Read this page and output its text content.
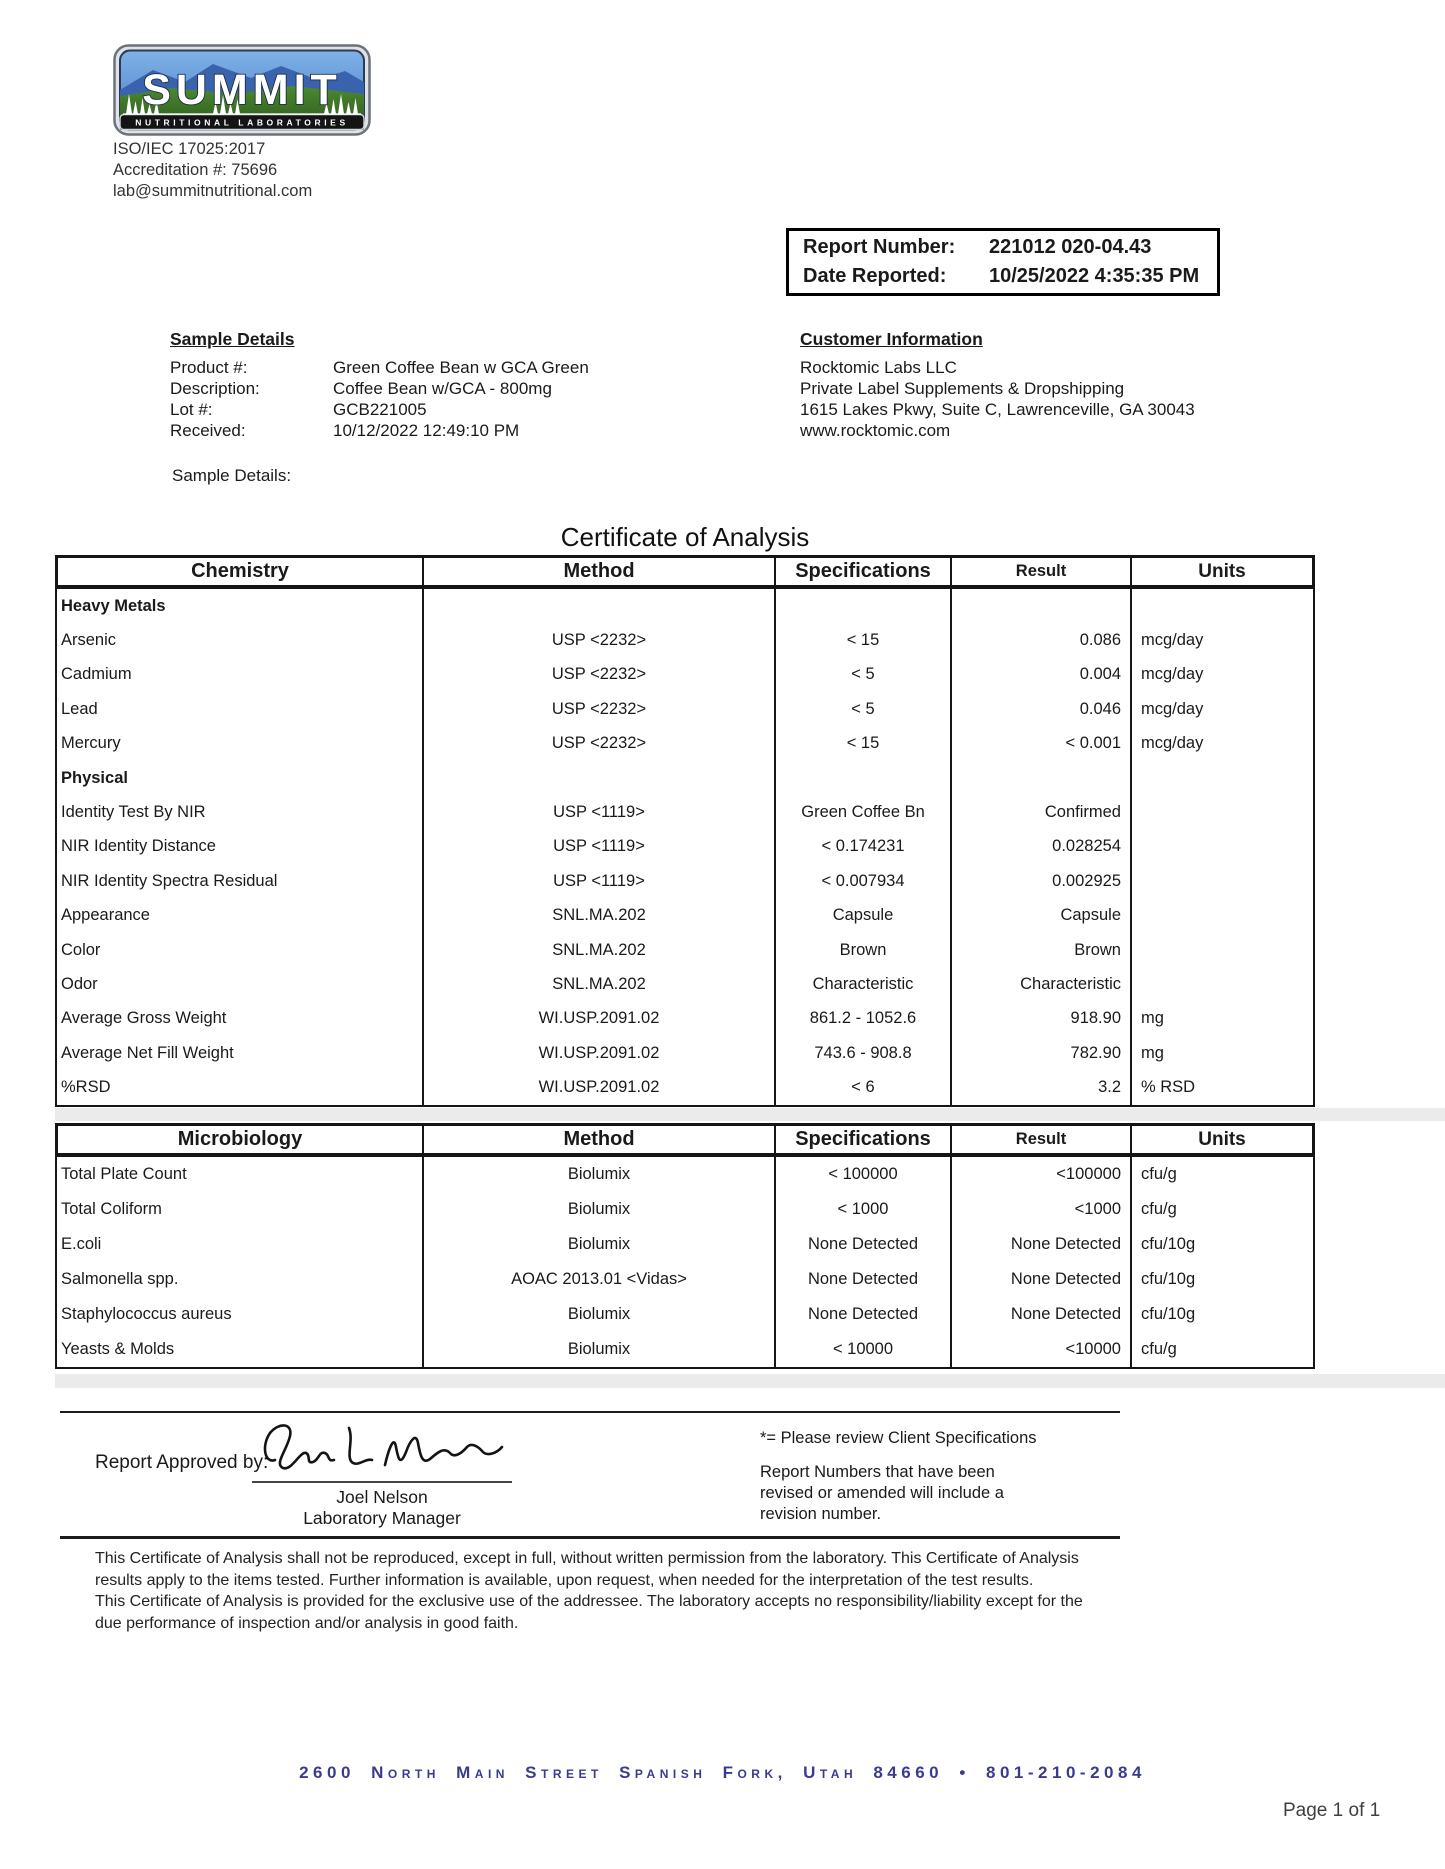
SUMMIT
NUTRITIONAL LABORATORIES
ISO/IEC 17025:2017
Accreditation #: 75696
lab@summitnutritional.com
Report Number:	221012 020-04.43
Date Reported:	10/25/2022 4:35:35 PM
Sample Details
Product #:	Green Coffee Bean w GCA Green
Description:	Coffee Bean w/GCA - 800mg
Lot #:	GCB221005
Received:	10/12/2022 12:49:10 PM
Sample Details:
Customer Information
Rocktomic Labs LLC
Private Label Supplements & Dropshipping
1615 Lakes Pkwy, Suite C, Lawrenceville, GA 30043
www.rocktomic.com
Certificate of Analysis
Chemistry	Method	Specifications	Result	Units
Heavy Metals
Arsenic	USP <2232>	< 15	0.086	mcg/day
Cadmium	USP <2232>	< 5	0.004	mcg/day
Lead	USP <2232>	< 5	0.046	mcg/day
Mercury	USP <2232>	< 15	< 0.001	mcg/day
Physical
Identity Test By NIR	USP <1119>	Green Coffee Bn	Confirmed
NIR Identity Distance	USP <1119>	< 0.174231	0.028254
NIR Identity Spectra Residual	USP <1119>	< 0.007934	0.002925
Appearance	SNL.MA.202	Capsule	Capsule
Color	SNL.MA.202	Brown	Brown
Odor	SNL.MA.202	Characteristic	Characteristic
Average Gross Weight	WI.USP.2091.02	861.2 - 1052.6	918.90	mg
Average Net Fill Weight	WI.USP.2091.02	743.6 - 908.8	782.90	mg
%RSD	WI.USP.2091.02	< 6	3.2	% RSD
Microbiology	Method	Specifications	Result	Units
Total Plate Count	Biolumix	< 100000	<100000	cfu/g
Total Coliform	Biolumix	< 1000	<1000	cfu/g
E.coli	Biolumix	None Detected	None Detected	cfu/10g
Salmonella spp.	AOAC 2013.01 <Vidas>	None Detected	None Detected	cfu/10g
Staphylococcus aureus	Biolumix	None Detected	None Detected	cfu/10g
Yeasts & Molds	Biolumix	< 10000	<10000	cfu/g
Report Approved by:
Joel Nelson
Laboratory Manager
*= Please review Client Specifications
Report Numbers that have been revised or amended will include a revision number.

This Certificate of Analysis shall not be reproduced, except in full, without written permission from the laboratory. This Certificate of Analysis results apply to the items tested. Further information is available, upon request, when needed for the interpretation of the test results.

This Certificate of Analysis is provided for the exclusive use of the addressee. The laboratory accepts no responsibility/liability except for the due performance of inspection and/or analysis in good faith.

2600 North Main Street Spanish Fork, Utah 84660 • 801-210-2084
Page 1 of 1
